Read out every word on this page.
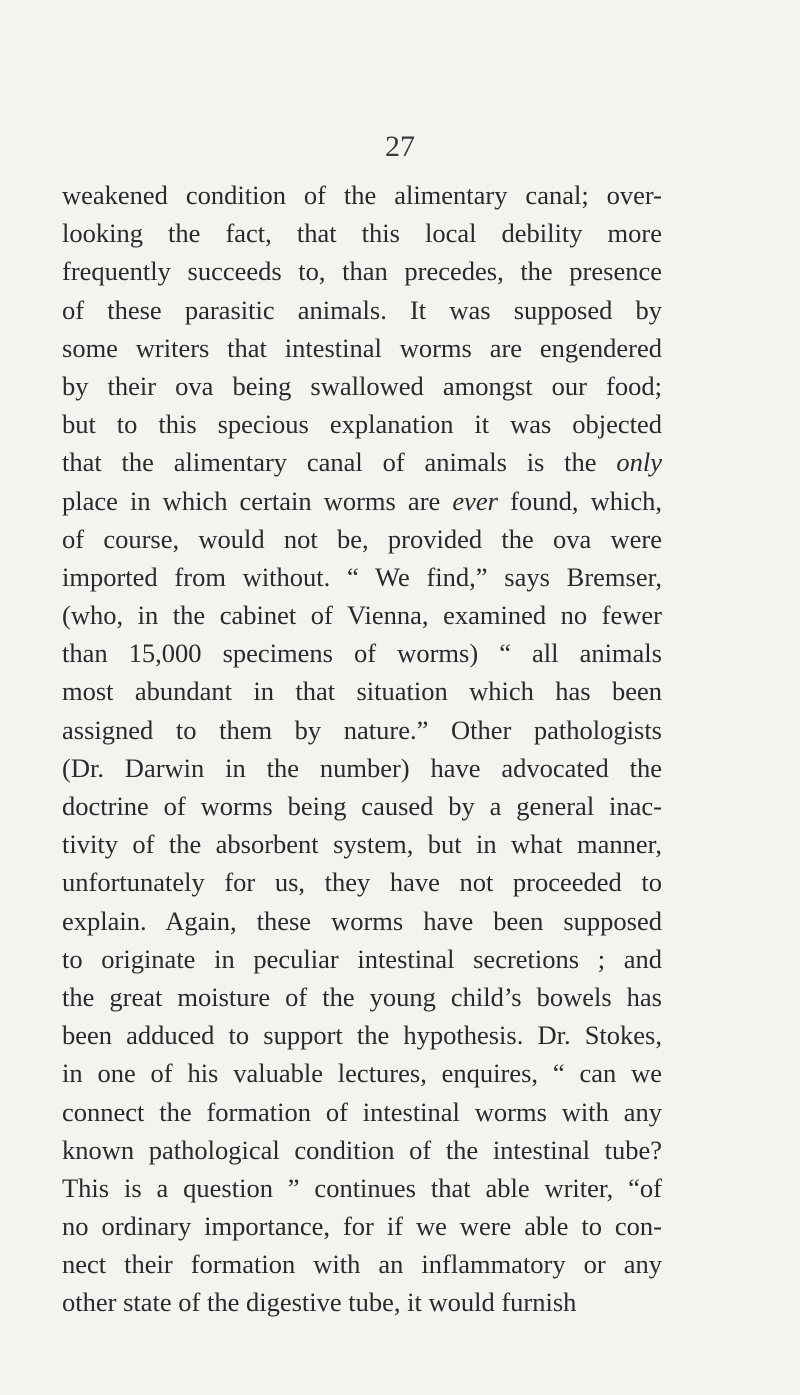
27
weakened condition of the alimentary canal; over-
looking the fact, that this local debility more
frequently succeeds to, than precedes, the presence
of these parasitic animals. It was supposed by
some writers that intestinal worms are engendered
by their ova being swallowed amongst our food;
but to this specious explanation it was objected
that the alimentary canal of animals is the only
place in which certain worms are ever found, which,
of course, would not be, provided the ova were
imported from without. “ We find,” says Bremser,
(who, in the cabinet of Vienna, examined no fewer
than 15,000 specimens of worms) “ all animals
most abundant in that situation which has been
assigned to them by nature.” Other pathologists
(Dr. Darwin in the number) have advocated the
doctrine of worms being caused by a general inac-
tivity of the absorbent system, but in what manner,
unfortunately for us, they have not proceeded to
explain. Again, these worms have been supposed
to originate in peculiar intestinal secretions ; and
the great moisture of the young child’s bowels has
been adduced to support the hypothesis. Dr. Stokes,
in one of his valuable lectures, enquires, “ can we
connect the formation of intestinal worms with any
known pathological condition of the intestinal tube?
This is a question ” continues that able writer, “of
no ordinary importance, for if we were able to con-
nect their formation with an inflammatory or any
other state of the digestive tube, it would furnish
